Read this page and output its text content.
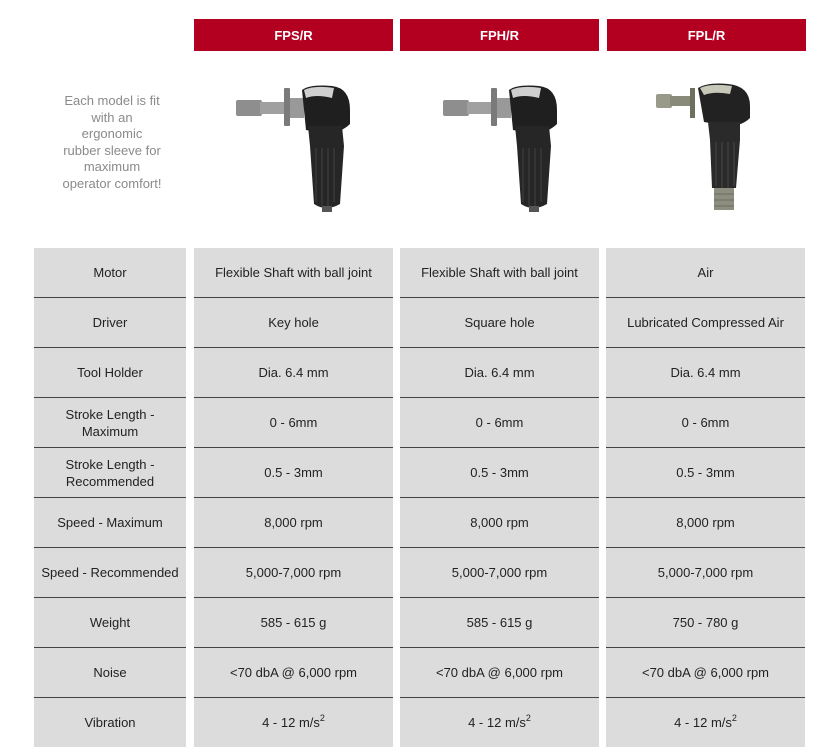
FPS/R	FPH/R	FPL/R
Each model is fit with an ergonomic rubber sleeve for maximum operator comfort!
Motor		Flexible Shaft with ball joint		Flexible Shaft with ball joint		Air
Driver		Key hole		Square hole		Lubricated Compressed Air
Tool Holder		Dia. 6.4 mm		Dia. 6.4 mm		Dia. 6.4 mm
Stroke Length - Maximum		0 - 6mm		0 - 6mm		0 - 6mm
Stroke Length - Recommended		0.5 - 3mm		0.5 - 3mm		0.5 - 3mm
Speed - Maximum		8,000 rpm		8,000 rpm		8,000 rpm
Speed - Recommended		5,000-7,000 rpm		5,000-7,000 rpm		5,000-7,000 rpm
Weight		585 - 615 g		585 - 615 g		750 - 780 g
Noise		<70 dbA @ 6,000 rpm		<70 dbA @ 6,000 rpm		<70 dbA @ 6,000 rpm
Vibration		4 - 12 $m/s^2$		4 - 12 $m/s^2$		4 - 12 $m/s^2$
